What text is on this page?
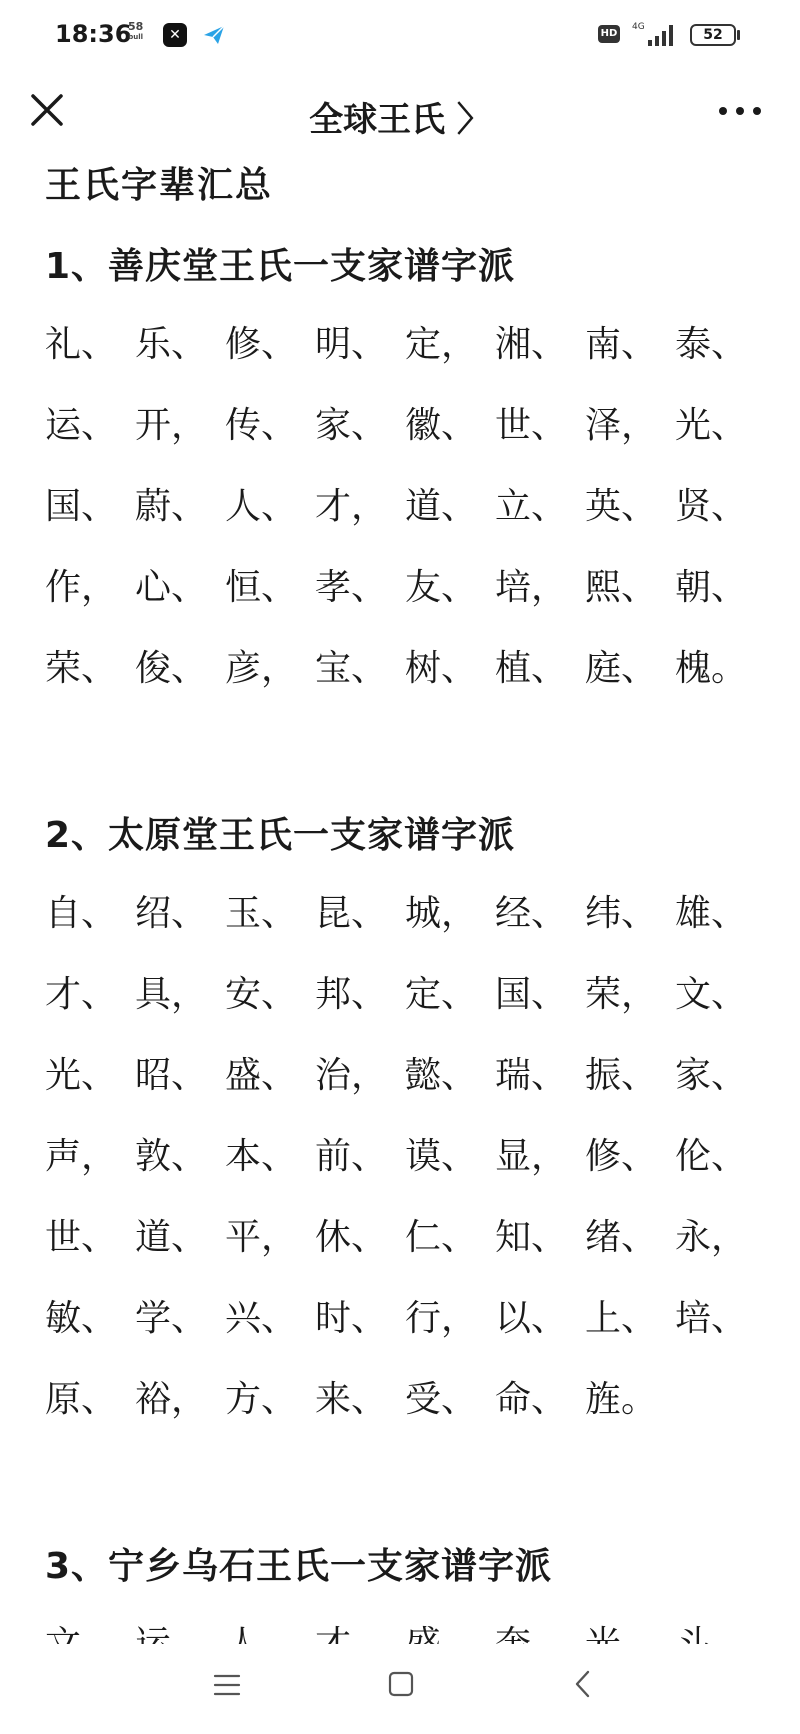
18:36
58
bull	✕	HD
4G	52
全球王氏 〉
王氏字辈汇总
1、善庆堂王氏一支家谱字派
礼、 乐、 修、 明、 定， 湘、 南、 泰、
运、 开， 传、 家、 徽、 世、 泽， 光、
国、 蔚、 人、 才， 道、 立、 英、 贤、
作， 心、 恒、 孝、 友、 培， 熙、 朝、
荣、 俊、 彦， 宝、 树、 植、 庭、 槐。
2、太原堂王氏一支家谱字派
自、 绍、 玉、 昆、 城， 经、 纬、 雄、
才、 具， 安、 邦、 定、 国、 荣， 文、
光、 昭、 盛、 治， 懿、 瑞、 振、 家、
声， 敦、 本、 前、 谟、 显， 修、 伦、
世、 道、 平， 休、 仁、 知、 绪、 永，
敏、 学、 兴、 时、 行， 以、 上、 培、
原、 裕， 方、 来、 受、 命、 旌。
3、宁乡乌石王氏一支家谱字派
